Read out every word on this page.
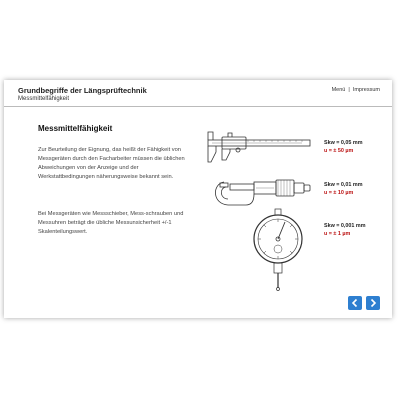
Grundbegriffe der Längsprüftechnik
Messmittelfähigkeit
Menü | Impressum
Messmittelfähigkeit
Zur Beurteilung der Eignung, das heißt der Fähigkeit von Messgeräten durch den Facharbeiter müssen die üblichen Abweichungen von der Anzeige und der Werkstattbedingungen näherungsweise bekannt sein.
Bei Messgeräten wie Messschieber, Mess-schrauben und Messuhren beträgt die übliche Messunsicherheit +/-1 Skalenteilungswert.
Skw = 0,05 mm
u = ± 50 µm
Skw = 0,01 mm
u = ± 10 µm
Skw = 0,001 mm
u = ± 1 µm
